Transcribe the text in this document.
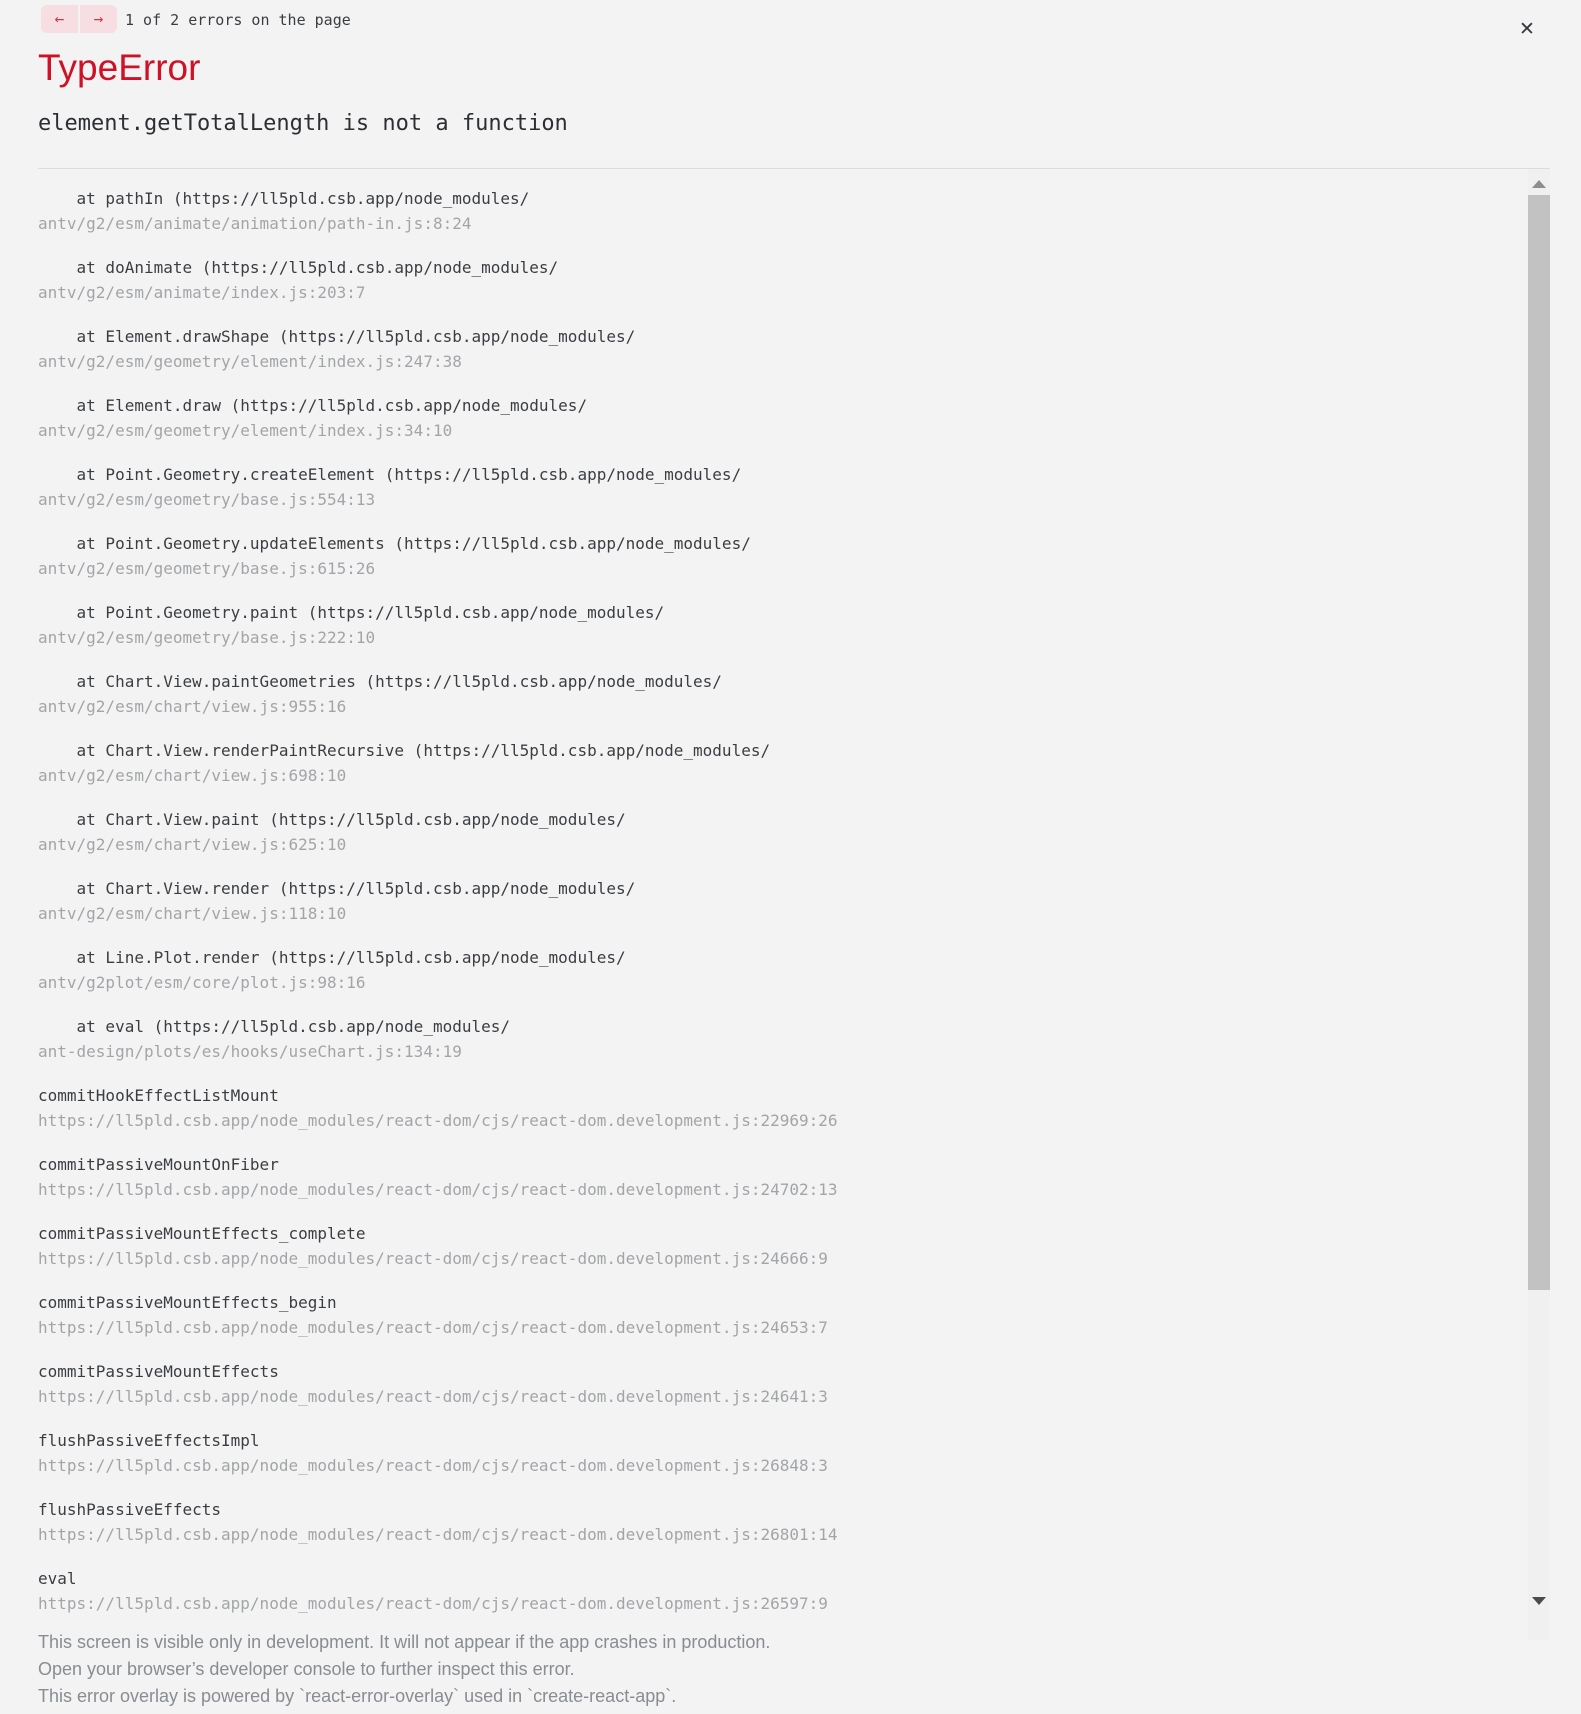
←	→	1 of 2 errors on the page	✕
TypeError
element.getTotalLength is not a function
at pathIn (https://ll5pld.csb.app/node_modules/
antv/g2/esm/animate/animation/path-in.js:8:24
at doAnimate (https://ll5pld.csb.app/node_modules/
antv/g2/esm/animate/index.js:203:7
at Element.drawShape (https://ll5pld.csb.app/node_modules/
antv/g2/esm/geometry/element/index.js:247:38
at Element.draw (https://ll5pld.csb.app/node_modules/
antv/g2/esm/geometry/element/index.js:34:10
at Point.Geometry.createElement (https://ll5pld.csb.app/node_modules/
antv/g2/esm/geometry/base.js:554:13
at Point.Geometry.updateElements (https://ll5pld.csb.app/node_modules/
antv/g2/esm/geometry/base.js:615:26
at Point.Geometry.paint (https://ll5pld.csb.app/node_modules/
antv/g2/esm/geometry/base.js:222:10
at Chart.View.paintGeometries (https://ll5pld.csb.app/node_modules/
antv/g2/esm/chart/view.js:955:16
at Chart.View.renderPaintRecursive (https://ll5pld.csb.app/node_modules/
antv/g2/esm/chart/view.js:698:10
at Chart.View.paint (https://ll5pld.csb.app/node_modules/
antv/g2/esm/chart/view.js:625:10
at Chart.View.render (https://ll5pld.csb.app/node_modules/
antv/g2/esm/chart/view.js:118:10
at Line.Plot.render (https://ll5pld.csb.app/node_modules/
antv/g2plot/esm/core/plot.js:98:16
at eval (https://ll5pld.csb.app/node_modules/
ant-design/plots/es/hooks/useChart.js:134:19
commitHookEffectListMount
https://ll5pld.csb.app/node_modules/react-dom/cjs/react-dom.development.js:22969:26
commitPassiveMountOnFiber
https://ll5pld.csb.app/node_modules/react-dom/cjs/react-dom.development.js:24702:13
commitPassiveMountEffects_complete
https://ll5pld.csb.app/node_modules/react-dom/cjs/react-dom.development.js:24666:9
commitPassiveMountEffects_begin
https://ll5pld.csb.app/node_modules/react-dom/cjs/react-dom.development.js:24653:7
commitPassiveMountEffects
https://ll5pld.csb.app/node_modules/react-dom/cjs/react-dom.development.js:24641:3
flushPassiveEffectsImpl
https://ll5pld.csb.app/node_modules/react-dom/cjs/react-dom.development.js:26848:3
flushPassiveEffects
https://ll5pld.csb.app/node_modules/react-dom/cjs/react-dom.development.js:26801:14
eval
https://ll5pld.csb.app/node_modules/react-dom/cjs/react-dom.development.js:26597:9
This screen is visible only in development. It will not appear if the app crashes in production.
Open your browser’s developer console to further inspect this error.
This error overlay is powered by `react-error-overlay` used in `create-react-app`.
